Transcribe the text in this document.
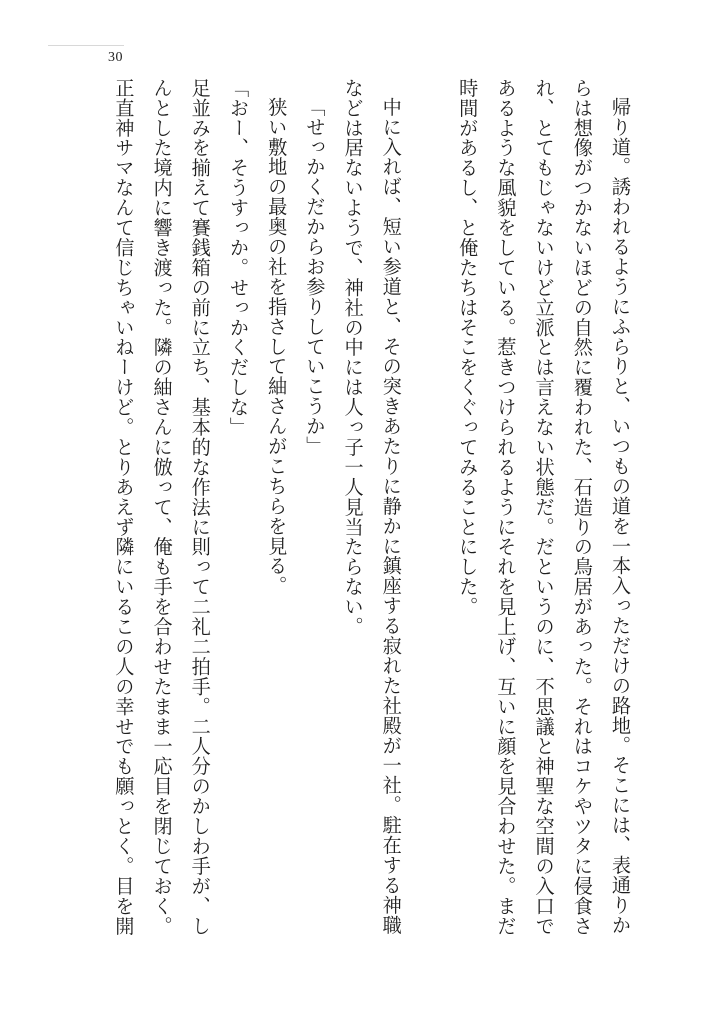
30
帰り道。誘われるようにふらりと、いつもの道を一本入っただけの路地。そこには、表通りか
らは想像がつかないほどの自然に覆われた、石造りの鳥居があった。それはコケやツタに侵食さ
れ、とてもじゃないけど立派とは言えない状態だ。だというのに、不思議と神聖な空間の入口で
あるような風貌をしている。惹きつけられるようにそれを見上げ、互いに顔を見合わせた。まだ
時間があるし、と俺たちはそこをくぐってみることにした。
中に入れば、短い参道と、その突きあたりに静かに鎮座する寂れた社殿が一社。駐在する神職
などは居ないようで、神社の中には人っ子一人見当たらない。
「せっかくだからお参りしていこうか」
狭い敷地の最奥の社を指さして紬さんがこちらを見る。
「おー、そうすっか。せっかくだしな」
足並みを揃えて賽銭箱の前に立ち、基本的な作法に則って二礼二拍手。二人分のかしわ手が、し
んとした境内に響き渡った。隣の紬さんに倣って、俺も手を合わせたまま一応目を閉じておく。
正直神サマなんて信じちゃいねーけど。とりあえず隣にいるこの人の幸せでも願っとく。目を開
